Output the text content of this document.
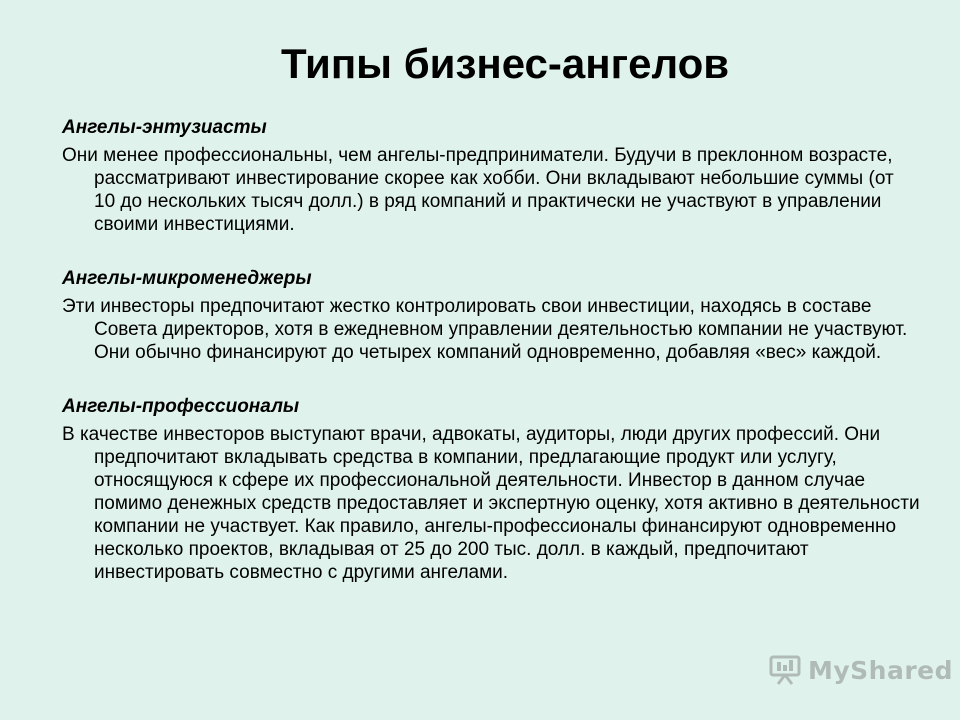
Типы бизнес-ангелов

Ангелы-энтузиасты

Они менее профессиональны, чем ангелы-предприниматели. Будучи в преклонном возрасте, рассматривают инвестирование скорее как хобби. Они вкладывают небольшие суммы (от 10 до нескольких тысяч долл.) в ряд компаний и практически не участвуют в управлении своими инвестициями.

Ангелы-микроменеджеры

Эти инвесторы предпочитают жестко контролировать свои инвестиции, находясь в составе Совета директоров, хотя в ежедневном управлении деятельностью компании не участвуют. Они обычно финансируют до четырех компаний одновременно, добавляя «вес» каждой.

Ангелы-профессионалы

В качестве инвесторов выступают врачи, адвокаты, аудиторы, люди других профессий. Они предпочитают вкладывать средства в компании, предлагающие продукт или услугу, относящуюся к сфере их профессиональной деятельности. Инвестор в данном случае помимо денежных средств предоставляет и экспертную оценку, хотя активно в деятельности компании не участвует. Как правило, ангелы-профессионалы финансируют одновременно несколько проектов, вкладывая от 25 до 200 тыс. долл. в каждый, предпочитают инвестировать совместно с другими ангелами.

MyShared
